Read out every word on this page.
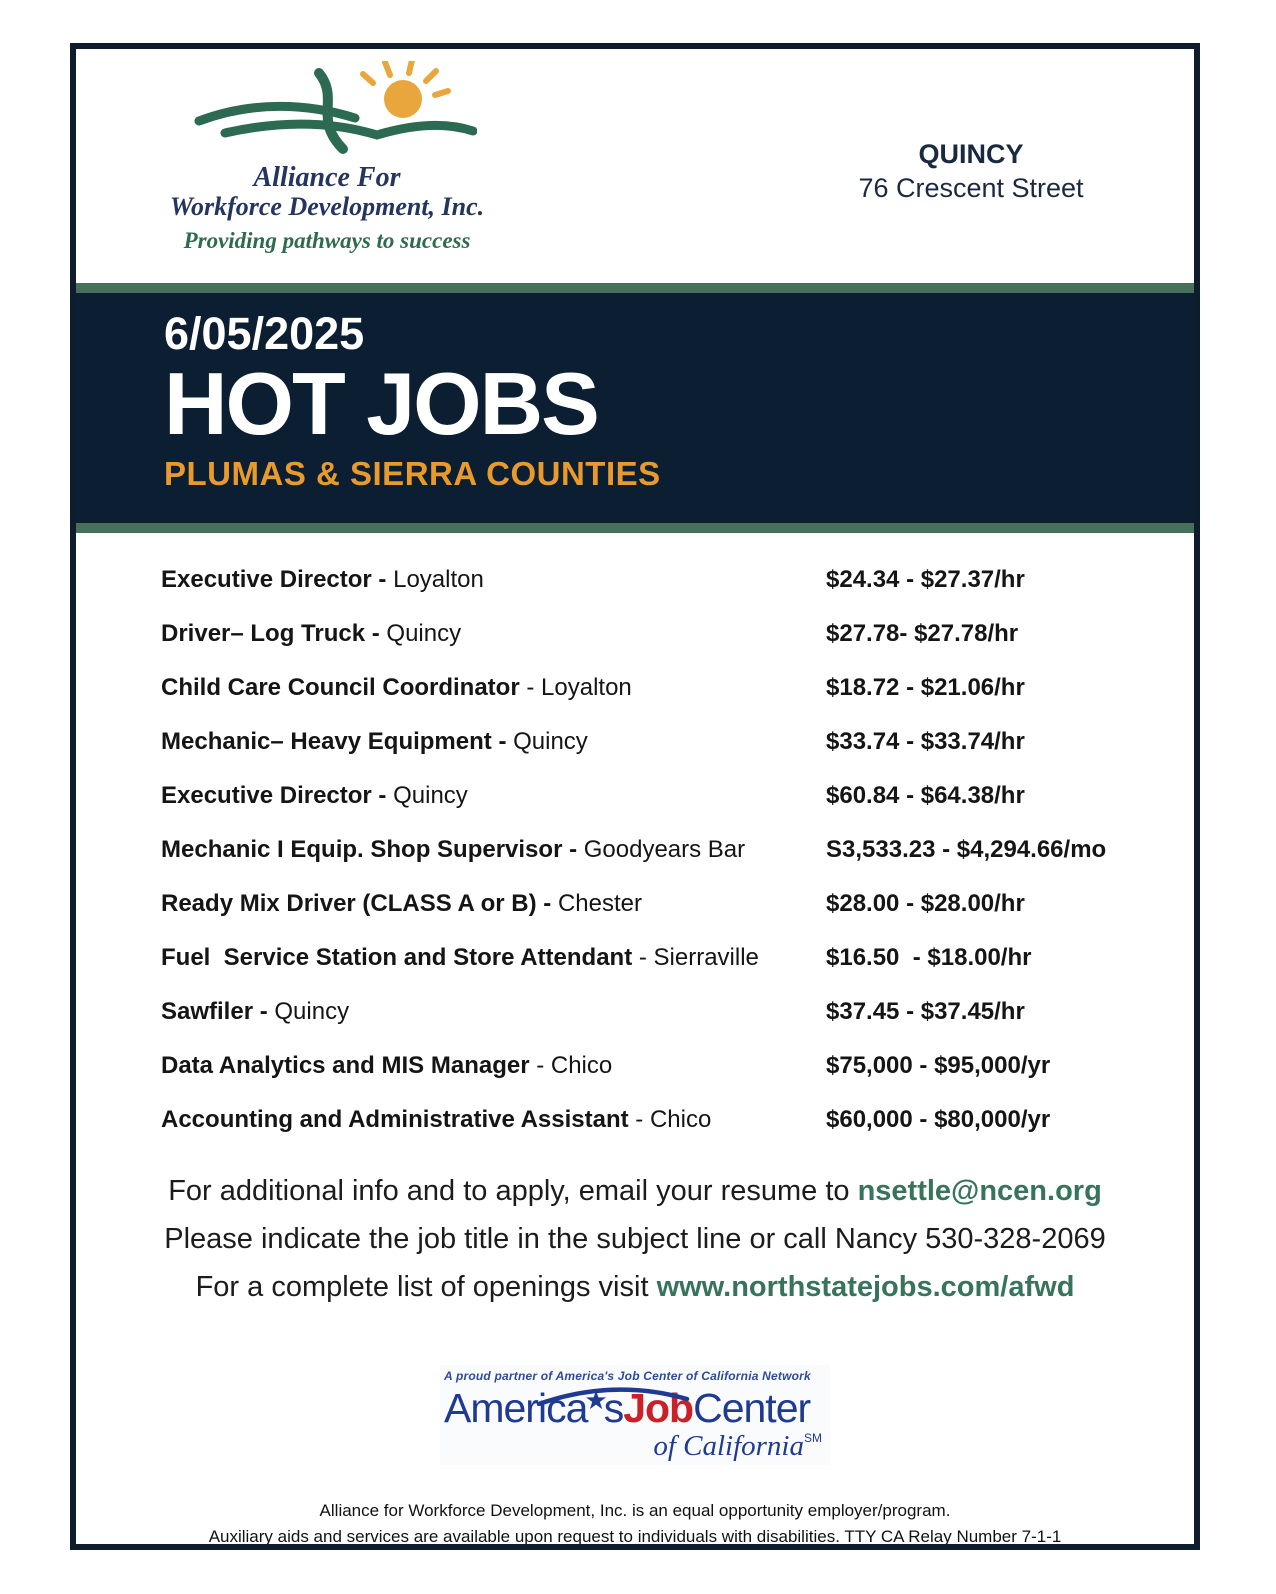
Alliance For
Workforce Development, Inc.
Providing pathways to success
QUINCY
76 Crescent Street
6/05/2025
HOT JOBS
PLUMAS & SIERRA COUNTIES
Executive Director - Loyalton	$24.34 - $27.37/hr
Driver– Log Truck - Quincy	$27.78- $27.78/hr
Child Care Council Coordinator - Loyalton	$18.72 - $21.06/hr
Mechanic– Heavy Equipment - Quincy	$33.74 - $33.74/hr
Executive Director - Quincy	$60.84 - $64.38/hr
Mechanic I Equip. Shop Supervisor - Goodyears Bar	S3,533.23 - $4,294.66/mo
Ready Mix Driver (CLASS A or B) - Chester	$28.00 - $28.00/hr
Fuel  Service Station and Store Attendant - Sierraville	$16.50  - $18.00/hr
Sawfiler - Quincy	$37.45 - $37.45/hr
Data Analytics and MIS Manager - Chico	$75,000 - $95,000/yr
Accounting and Administrative Assistant - Chico	$60,000 - $80,000/yr
For additional info and to apply, email your resume to nsettle@ncen.org
Please indicate the job title in the subject line or call Nancy 530-328-2069
For a complete list of openings visit www.northstatejobs.com/afwd
A proud partner of America's Job Center of California Network
America★sJobCenter
of California℠
Alliance for Workforce Development, Inc. is an equal opportunity employer/program.
Auxiliary aids and services are available upon request to individuals with disabilities. TTY CA Relay Number 7-1-1
